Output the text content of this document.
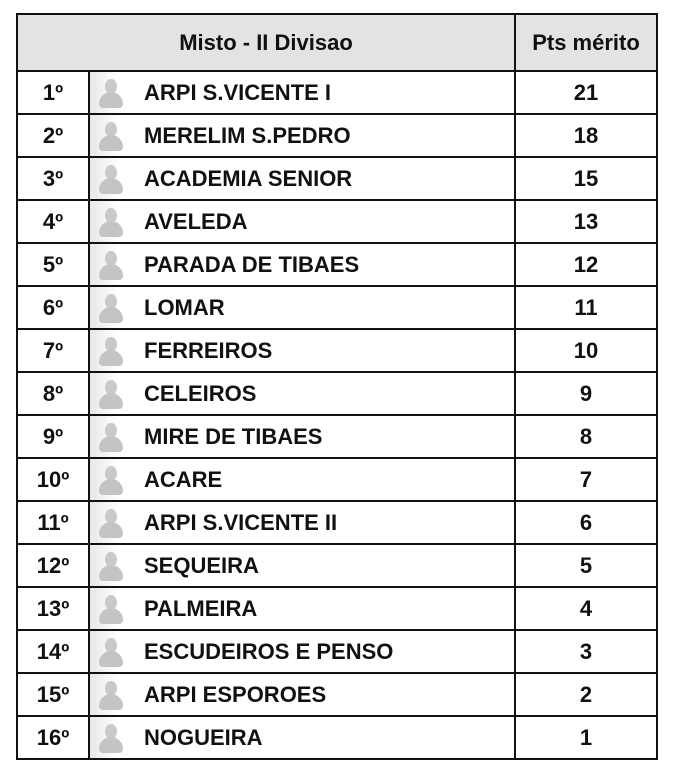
Misto - II Divisao			Pts mérito
1º		ARPI S.VICENTE I	21
2º		MERELIM S.PEDRO	18
3º		ACADEMIA SENIOR	15
4º		AVELEDA	13
5º		PARADA DE TIBAES	12
6º		LOMAR	11
7º		FERREIROS	10
8º		CELEIROS	9
9º		MIRE DE TIBAES	8
10º		ACARE	7
11º		ARPI S.VICENTE II	6
12º		SEQUEIRA	5
13º		PALMEIRA	4
14º		ESCUDEIROS E PENSO	3
15º		ARPI ESPOROES	2
16º		NOGUEIRA	1
